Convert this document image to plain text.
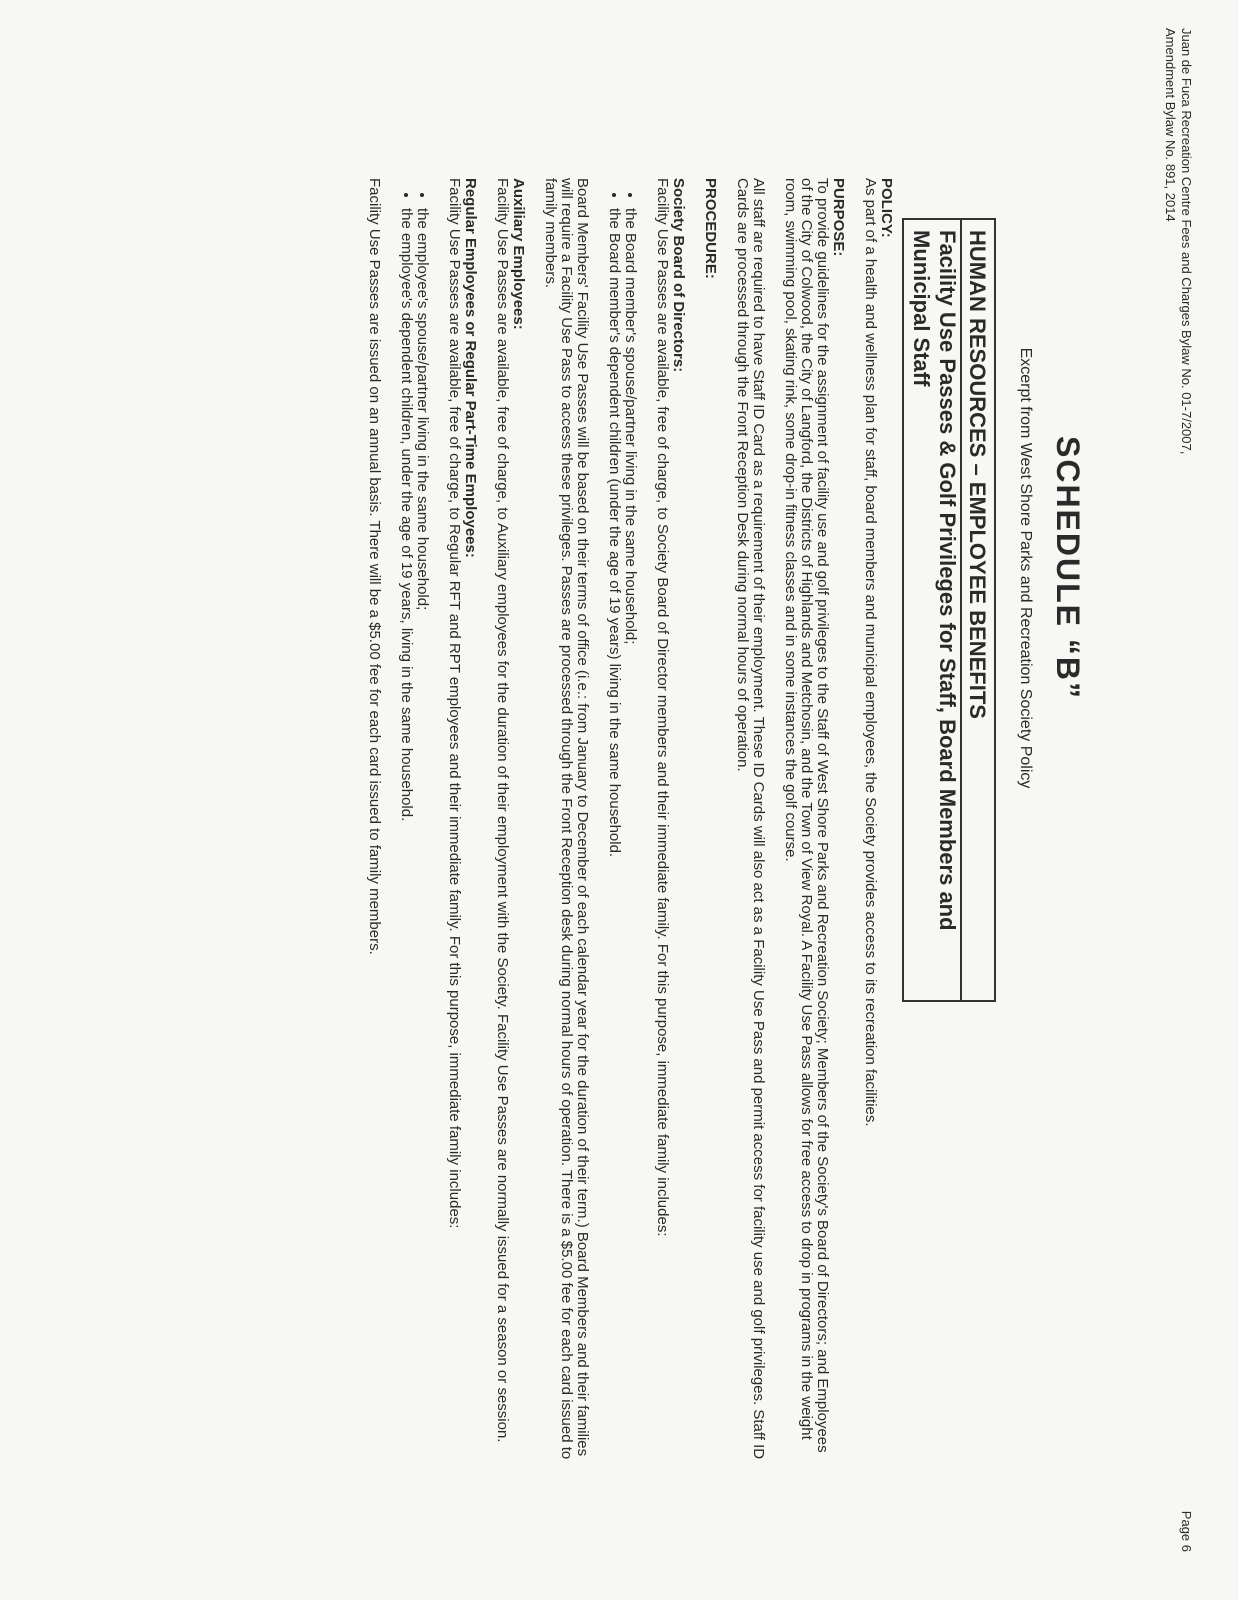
Juan de Fuca Recreation Centre Fees and Charges Bylaw No. 01-7/2007,
Amendment Bylaw No. 891, 2014
Page 6
SCHEDULE “B”
Excerpt from West Shore Parks and Recreation Society Policy
HUMAN RESOURCES – EMPLOYEE BENEFITS
Facility Use Passes & Golf Privileges for Staff, Board Members and Municipal Staff
POLICY:

As part of a health and wellness plan for staff, board members and municipal employees, the Society provides access to its recreation facilities.

PURPOSE:

To provide guidelines for the assignment of facility use and golf privileges to the Staff of West Shore Parks and Recreation Society; Members of the Society's Board of Directors; and Employees of the City of Colwood, the City of Langford, the Districts of Highlands and Metchosin, and the Town of View Royal. A Facility Use Pass allows for free access to drop in programs in the weight room, swimming pool, skating rink, some drop-in fitness classes and in some instances the golf course.

All staff are required to have Staff ID Card as a requirement of their employment. These ID Cards will also act as a Facility Use Pass and permit access for facility use and golf privileges. Staff ID Cards are processed through the Front Reception Desk during normal hours of operation.

PROCEDURE:
Society Board of Directors:

Facility Use Passes are available, free of charge, to Society Board of Director members and their immediate family. For this purpose, immediate family includes:

• the Board member's spouse/partner living in the same household;
• the Board member's dependent children (under the age of 19 years) living in the same household.

Board Members' Facility Use Passes will be based on their terms of office (i.e.: from January to December of each calendar year for the duration of their term.) Board Members and their families will require a Facility Use Pass to access these privileges. Passes are processed through the Front Reception desk during normal hours of operation. There is a $5.00 fee for each card issued to family members.

Auxiliary Employees:

Facility Use Passes are available, free of charge, to Auxiliary employees for the duration of their employment with the Society. Facility Use Passes are normally issued for a season or session.

Regular Employees or Regular Part-Time Employees:

Facility Use Passes are available, free of charge, to Regular RFT and RPT employees and their immediate family. For this purpose, immediate family includes:

• the employee's spouse/partner living in the same household;
• the employee's dependent children, under the age of 19 years, living in the same household.

Facility Use Passes are issued on an annual basis. There will be a $5.00 fee for each card issued to family members.
